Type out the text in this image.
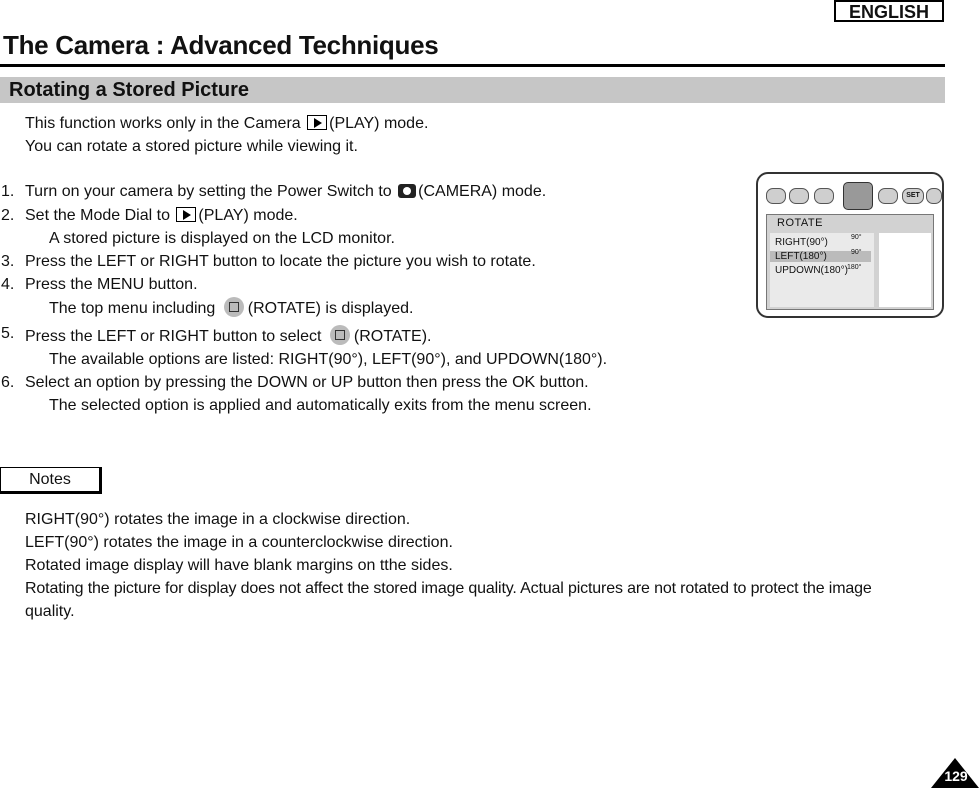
ENGLISH
The Camera : Advanced Techniques
Rotating a Stored Picture
This function works only in the Camera (PLAY) mode.
You can rotate a stored picture while viewing it.
1. Turn on your camera by setting the Power Switch to (CAMERA) mode.
2. Set the Mode Dial to (PLAY) mode.
A stored picture is displayed on the LCD monitor.
3. Press the LEFT or RIGHT button to locate the picture you wish to rotate.
4. Press the MENU button.
The top menu including (ROTATE) is displayed.
5. Press the LEFT or RIGHT button to select (ROTATE).
The available options are listed: RIGHT(90°), LEFT(90°), and UPDOWN(180°).
6. Select an option by pressing the DOWN or UP button then press the OK button.
The selected option is applied and automatically exits from the menu screen.
SET
ROTATE
RIGHT(90°)
LEFT(180°)
UPDOWN(180°)
90°
90°
180°
Notes
RIGHT(90°) rotates the image in a clockwise direction.
LEFT(90°) rotates the image in a counterclockwise direction.
Rotated image display will have blank margins on tthe sides.
Rotating the picture for display does not affect the stored image quality. Actual pictures are not rotated to protect the image
quality.
129
